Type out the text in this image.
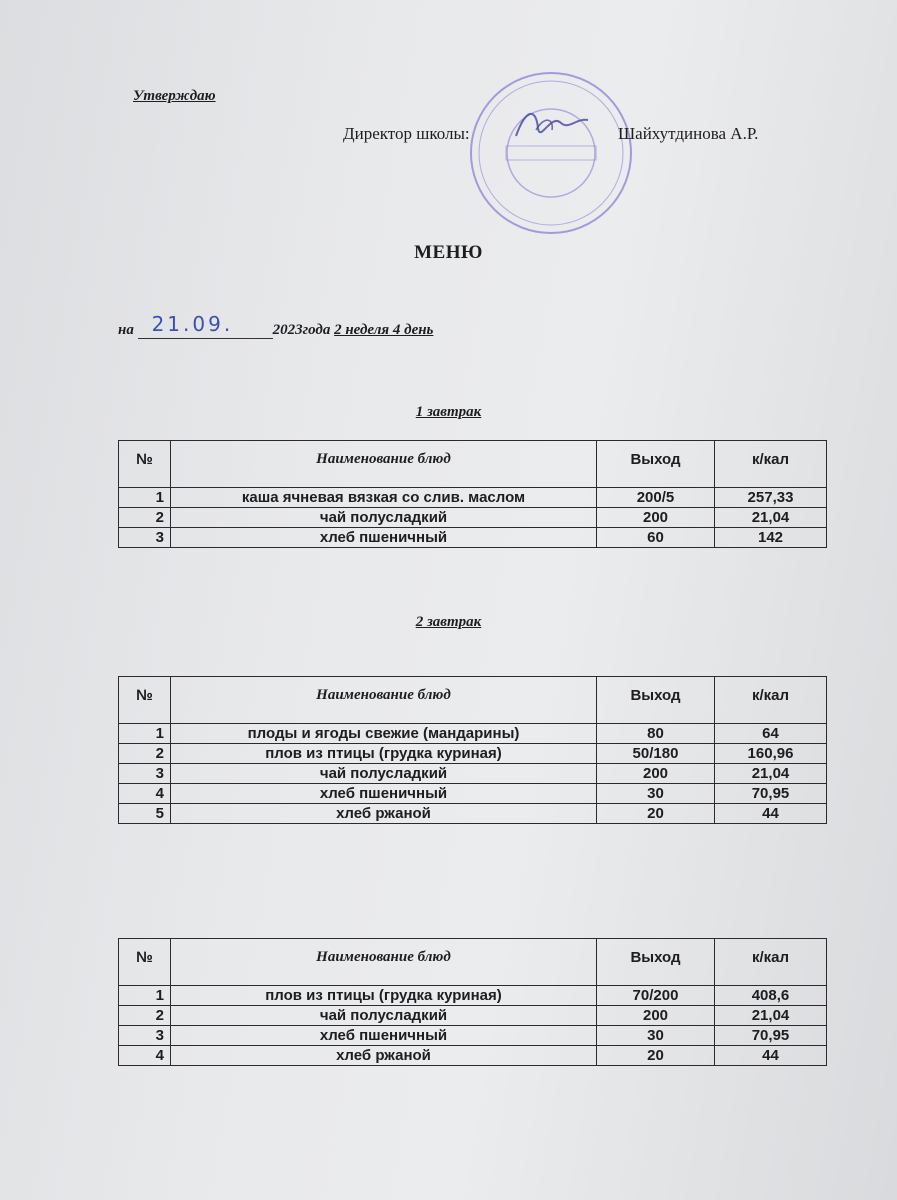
Утверждаю
Директор школы:	Шайхутдинова А.Р.
МЕНЮ
на 21.09.	2023года 2 неделя 4 день
1 завтрак
№	Наименование блюд	Выход	к/кал
1	каша ячневая вязкая со слив. маслом	200/5	257,33
2	чай полусладкий	200	21,04
3	хлеб пшеничный	60	142
2 завтрак
№	Наименование блюд	Выход	к/кал
1	плоды и ягоды свежие (мандарины)	80	64
2	плов из птицы (грудка куриная)	50/180	160,96
3	чай полусладкий	200	21,04
4	хлеб пшеничный	30	70,95
5	хлеб ржаной	20	44
№	Наименование блюд	Выход	к/кал
1	плов из птицы (грудка куриная)	70/200	408,6
2	чай полусладкий	200	21,04
3	хлеб пшеничный	30	70,95
4	хлеб ржаной	20	44
